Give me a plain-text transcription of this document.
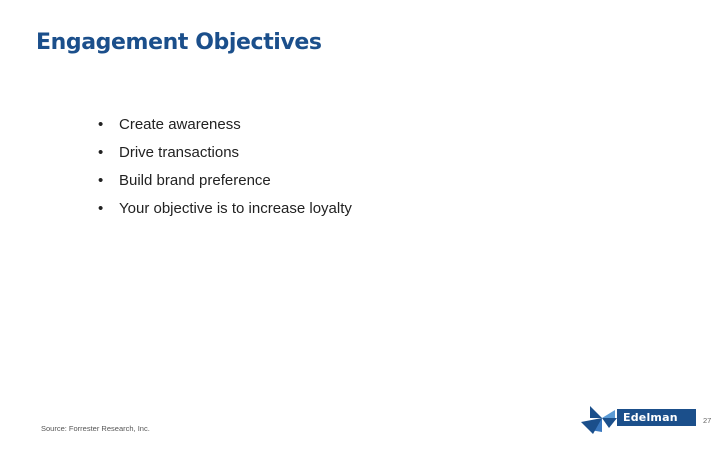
Engagement Objectives
• Create awareness
• Drive transactions
• Build brand preference
• Your objective is to increase loyalty
Source: Forrester Research, Inc.
Edelman	27
